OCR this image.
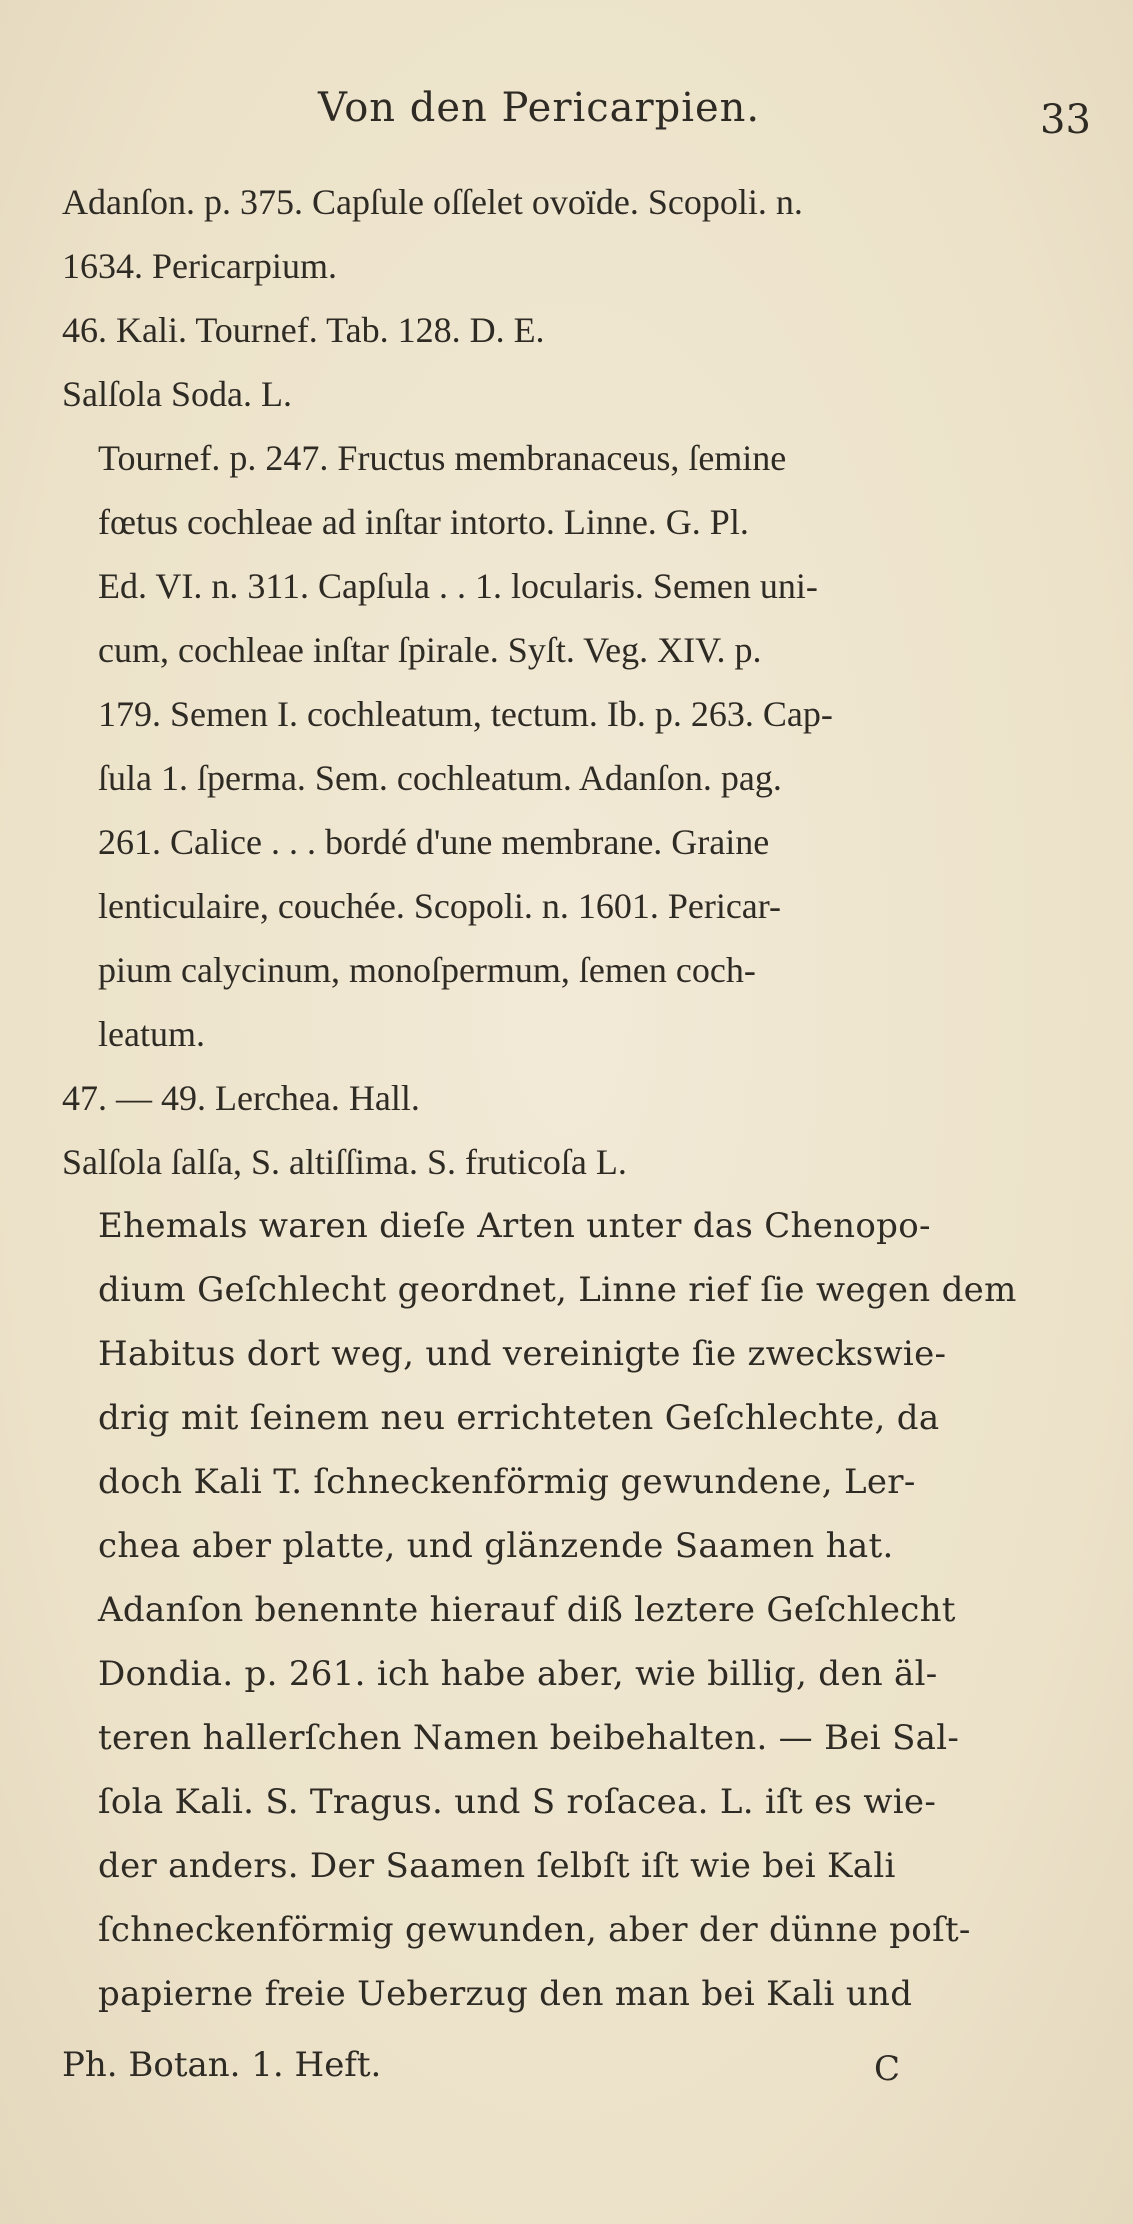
Von den Pericarpien.	33
Adanſon. p. 375. Capſule oſſelet ovoïde. Scopoli. n.
1634. Pericarpium.
46. Kali. Tournef. Tab. 128. D. E.
Salſola Soda. L.
Tournef. p. 247. Fructus membranaceus, ſemine
fœtus cochleae ad inſtar intorto. Linne. G. Pl.
Ed. VI. n. 311. Capſula . . 1. locularis. Semen uni-
cum, cochleae inſtar ſpirale. Syſt. Veg. XIV. p.
179. Semen I. cochleatum, tectum. Ib. p. 263. Cap-
ſula 1. ſperma. Sem. cochleatum. Adanſon. pag.
261. Calice . . . bordé d'une membrane. Graine
lenticulaire, couchée. Scopoli. n. 1601. Pericar-
pium calycinum, monoſpermum, ſemen coch-
leatum.
47. — 49. Lerchea. Hall.
Salſola ſalſa, S. altiſſima. S. fruticoſa L.
Ehemals waren dieſe Arten unter das Chenopo-
dium Geſchlecht geordnet, Linne rief ſie wegen dem
Habitus dort weg, und vereinigte ſie zweckswie-
drig mit ſeinem neu errichteten Geſchlechte, da
doch Kali T. ſchneckenförmig gewundene, Ler-
chea aber platte, und glänzende Saamen hat.
Adanſon benennte hierauf diß leztere Geſchlecht
Dondia. p. 261. ich habe aber, wie billig, den äl-
teren hallerſchen Namen beibehalten. — Bei Sal-
ſola Kali. S. Tragus. und S roſacea. L. iſt es wie-
der anders. Der Saamen ſelbſt iſt wie bei Kali
ſchneckenförmig gewunden, aber der dünne poſt-
papierne freie Ueberzug den man bei Kali und
Ph. Botan. 1. Heft.	C
